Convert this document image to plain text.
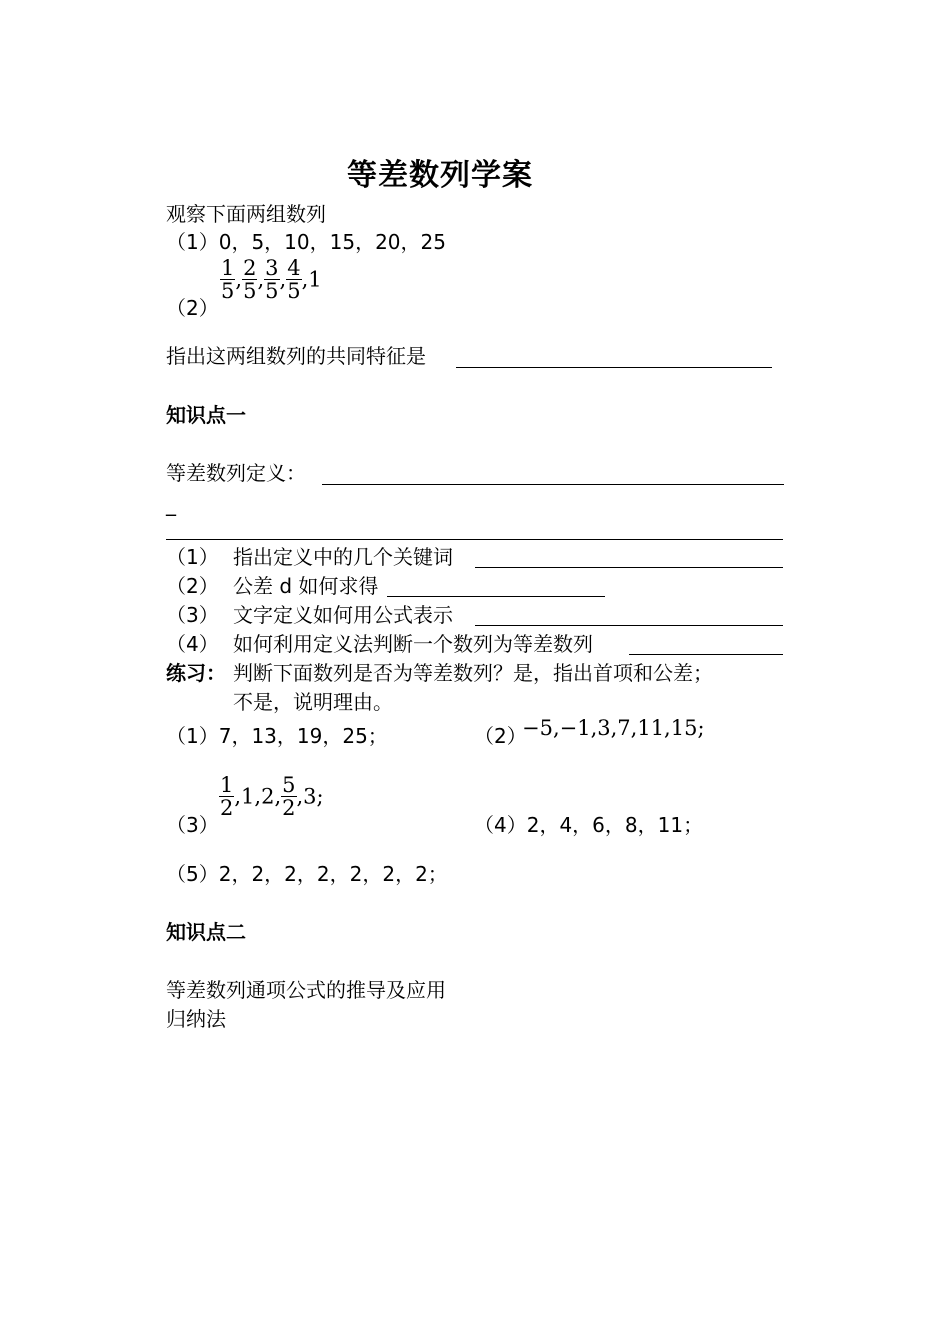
等差数列学案
观察下面两组数列
（1）0，5，10，15，20，25
（2）
$\frac{1}{5}$ , $\frac{2}{5}$ , $\frac{3}{5}$ , $\frac{4}{5} ,1$
指出这两组数列的共同特征是
知识点一
等差数列定义：
_
（1） 指出定义中的几个关键词
（2） 公差 d 如何求得
（3） 文字定义如何用公式表示
（4） 如何利用定义法判断一个数列为等差数列
练习： 判断下面数列是否为等差数列？是，指出首项和公差；
不是，说明理由。
（1）7，13，19，25；	（2）
−5,−1,3,7,11,15;
（3）
$\frac{1}{2} ,1,2$, $\frac{5}{2} ,3$;
（4）2，4，6，8，11；
（5）2，2，2，2，2，2，2；
知识点二
等差数列通项公式的推导及应用
归纳法
